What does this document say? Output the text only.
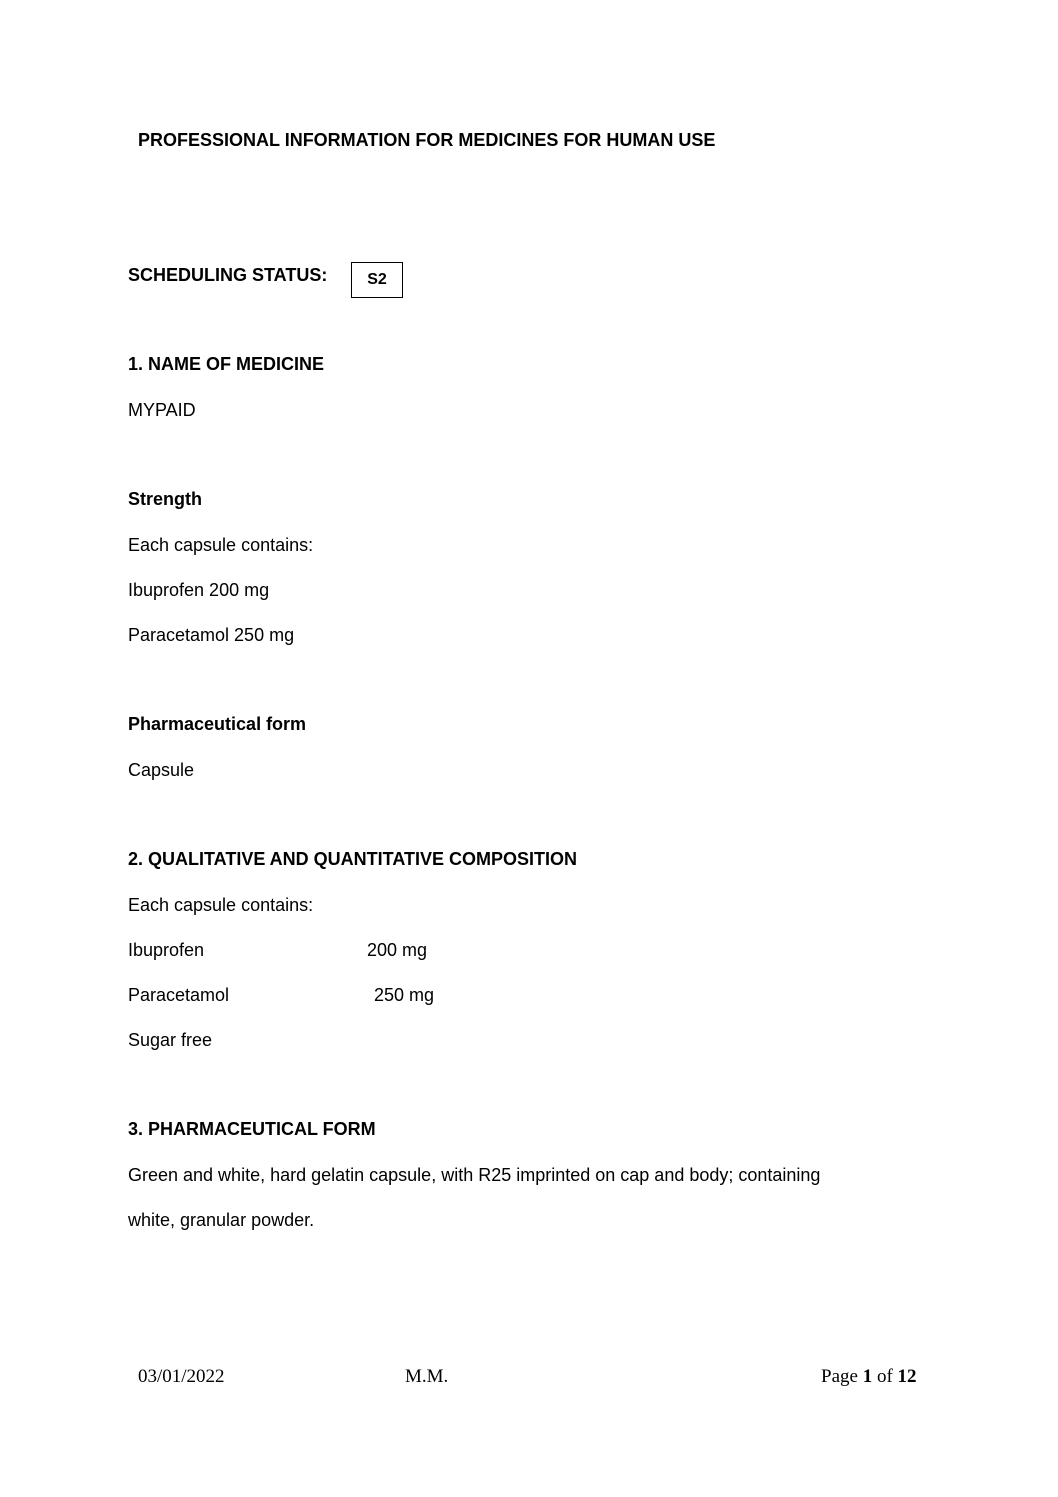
PROFESSIONAL INFORMATION FOR MEDICINES FOR HUMAN USE
SCHEDULING STATUS:	S2
1. NAME OF MEDICINE
MYPAID
Strength
Each capsule contains:
Ibuprofen 200 mg
Paracetamol 250 mg
Pharmaceutical form
Capsule
2. QUALITATIVE AND QUANTITATIVE COMPOSITION
Each capsule contains:
Ibuprofen	200 mg
Paracetamol	250 mg
Sugar free
3. PHARMACEUTICAL FORM
Green and white, hard gelatin capsule, with R25 imprinted on cap and body; containing
white, granular powder.
03/01/2022	M.M.	Page 1 of 12
